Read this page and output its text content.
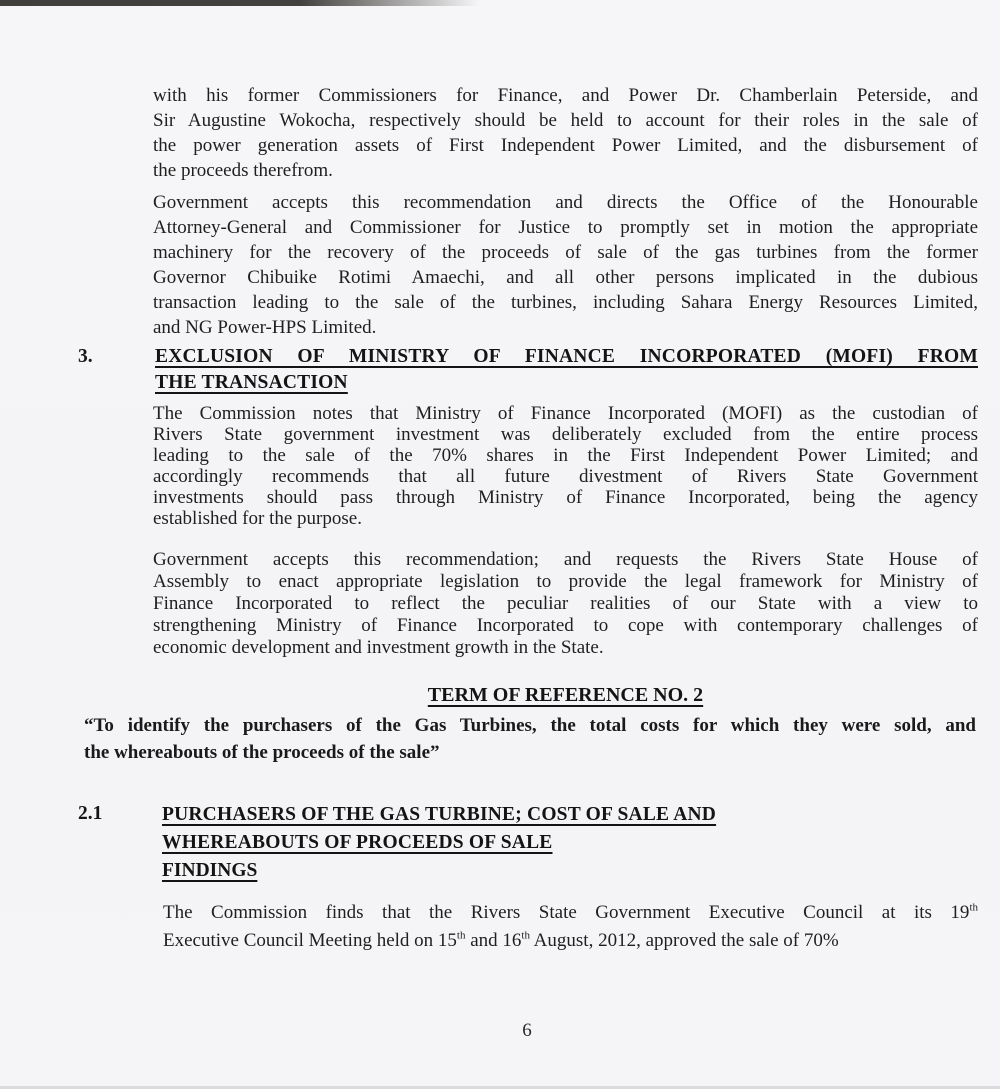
with his former Commissioners for Finance, and Power Dr. Chamberlain Peterside, and
Sir Augustine Wokocha, respectively should be held to account for their roles in the sale of
the power generation assets of First Independent Power Limited, and the disbursement of
the proceeds therefrom.
Government accepts this recommendation and directs the Office of the Honourable
Attorney-General and Commissioner for Justice to promptly set in motion the appropriate
machinery for the recovery of the proceeds of sale of the gas turbines from the former
Governor Chibuike Rotimi Amaechi, and all other persons implicated in the dubious
transaction leading to the sale of the turbines, including Sahara Energy Resources Limited,
and NG Power-HPS Limited.
3.	EXCLUSION OF MINISTRY OF FINANCE INCORPORATED (MOFI) FROM
THE TRANSACTION
The Commission notes that Ministry of Finance Incorporated (MOFI) as the custodian of
Rivers State government investment was deliberately excluded from the entire process
leading to the sale of the 70% shares in the First Independent Power Limited; and
accordingly recommends that all future divestment of Rivers State Government
investments should pass through Ministry of Finance Incorporated, being the agency
established for the purpose.
Government accepts this recommendation; and requests the Rivers State House of
Assembly to enact appropriate legislation to provide the legal framework for Ministry of
Finance Incorporated to reflect the peculiar realities of our State with a view to
strengthening Ministry of Finance Incorporated to cope with contemporary challenges of
economic development and investment growth in the State.
TERM OF REFERENCE NO. 2
“To identify the purchasers of the Gas Turbines, the total costs for which they were sold, and
the whereabouts of the proceeds of the sale”
2.1	PURCHASERS OF THE GAS TURBINE; COST OF SALE AND
WHEREABOUTS OF PROCEEDS OF SALE
FINDINGS
The Commission finds that the Rivers State Government Executive Council at its 19th
Executive Council Meeting held on 15th and 16th August, 2012, approved the sale of 70%
6
